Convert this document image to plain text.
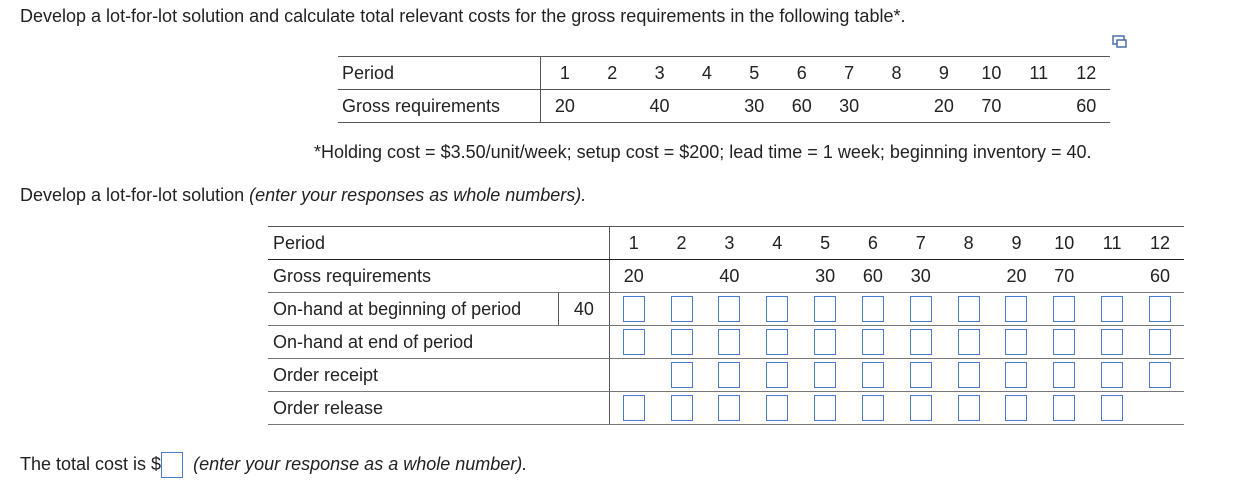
Develop a lot-for-lot solution and calculate total relevant costs for the gross requirements in the following table*.
Period	1	2	3	4	5	6	7	8	9	10	11	12
Gross requirements	20		40		30	60	30		20	70		60
*Holding cost = $3.50/unit/week; setup cost = $200; lead time = 1 week; beginning inventory = 40.
Develop a lot-for-lot solution (enter your responses as whole numbers).
Period		1	2	3	4	5	6	7	8	9	10	11	12
Gross requirements		20		40		30	60	30		20	70		60
On-hand at beginning of period	40												
On-hand at end of period													
Order receipt													
Order release													
The total cost is $ (enter your response as a whole number).
